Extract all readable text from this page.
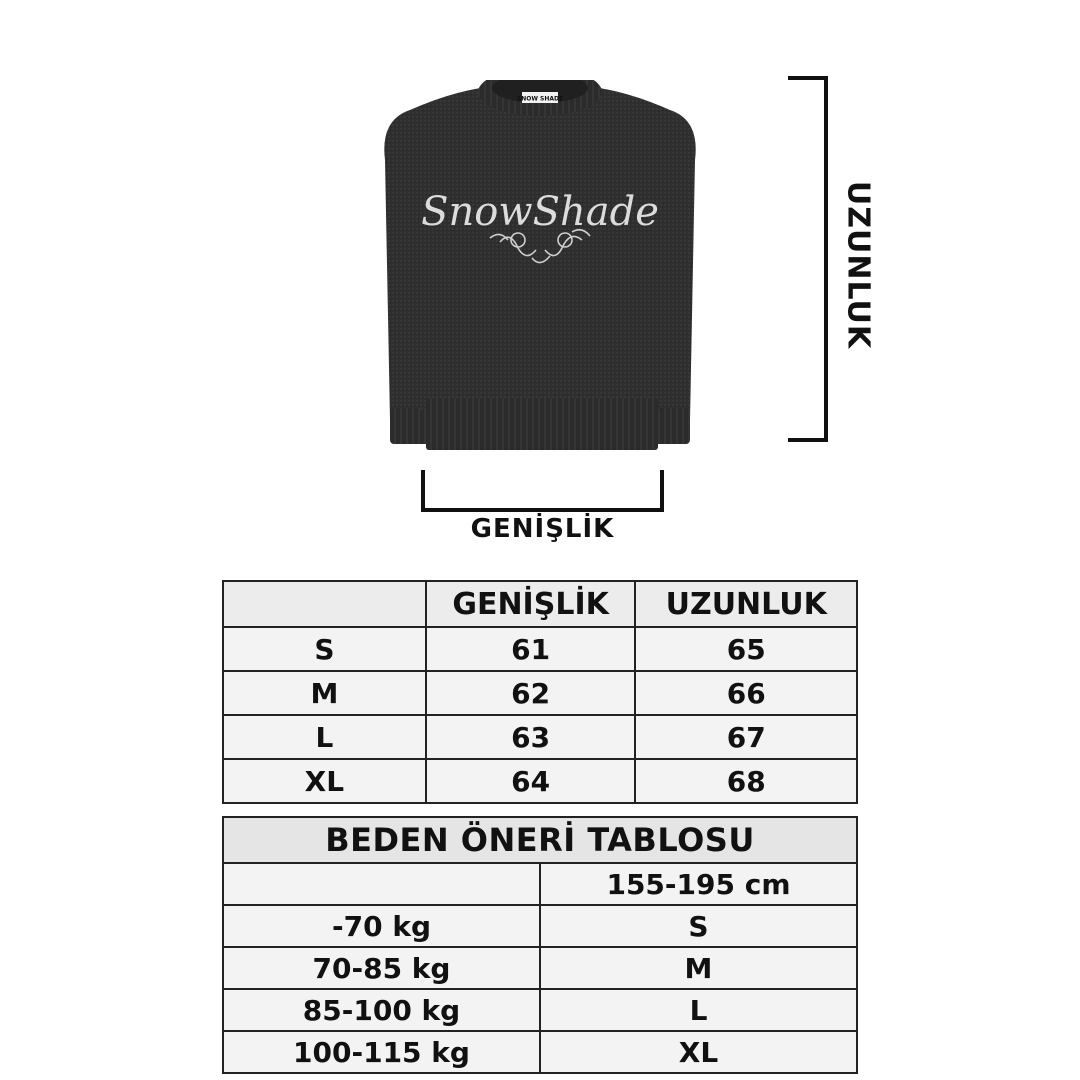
SNOW SHADE
SnowShade	UZUNLUK
GENİŞLİK
	GENİŞLİK	UZUNLUK
S	61	65
M	62	66
L	63	67
XL	64	68
BEDEN ÖNERİ TABLOSU	
	155-195 cm
-70 kg	S
70-85 kg	M
85-100 kg	L
100-115 kg	XL
